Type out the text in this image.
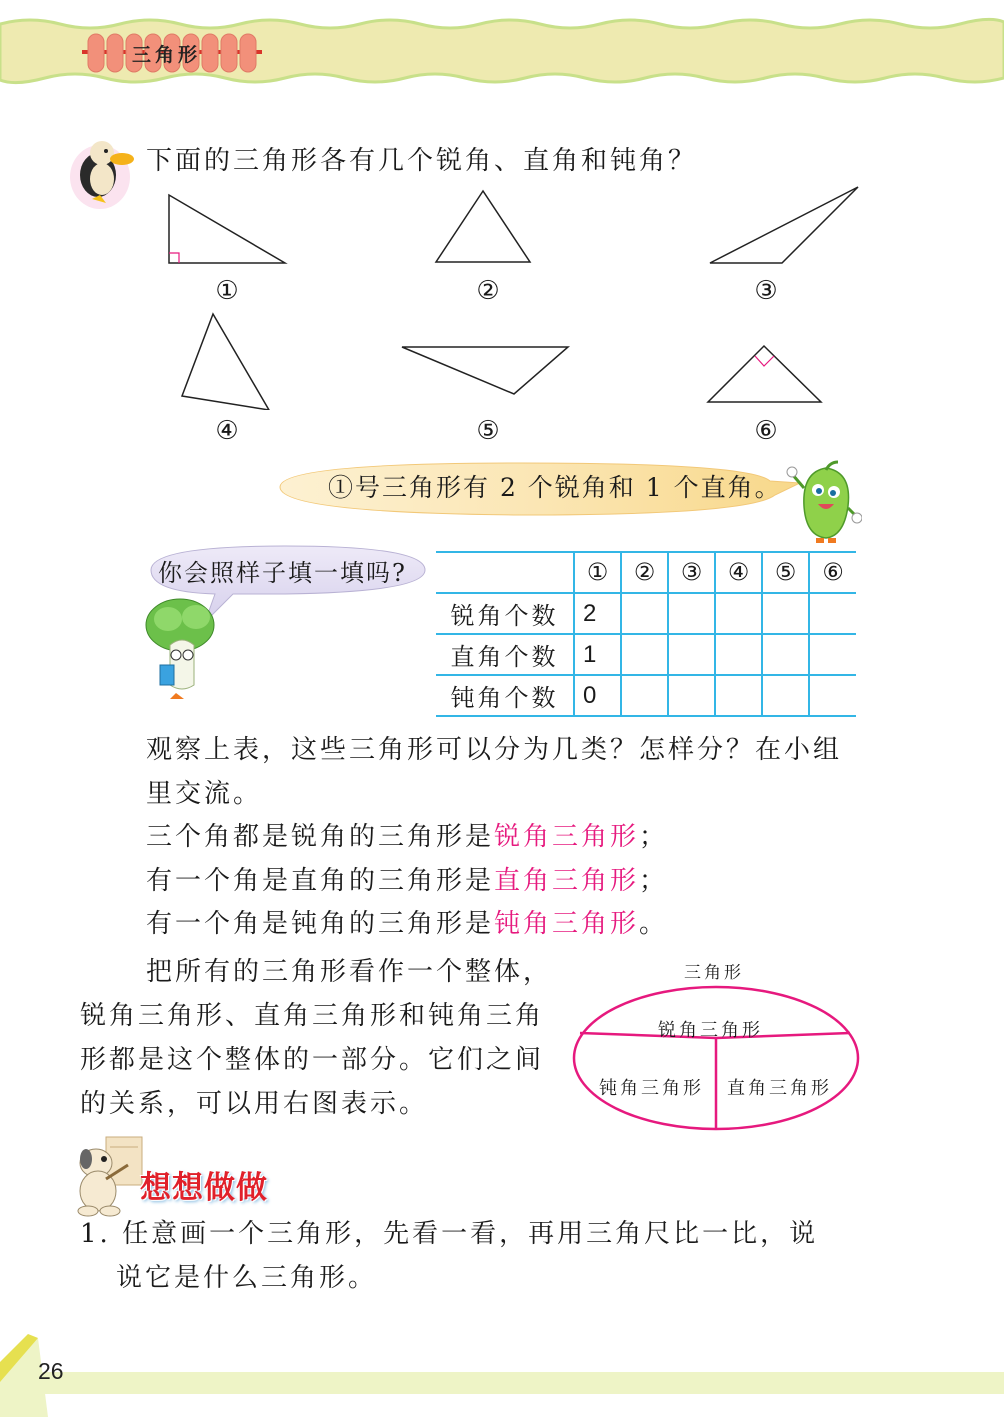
三角形
下面的三角形各有几个锐角、直角和钝角？
①	②	③
④	⑤	⑥
①号三角形有 2 个锐角和 1 个直角。
你会照样子填一填吗?
		①	②	③	④	⑤	⑥
锐角个数	2					
直角个数	1					
钝角个数	0					
观察上表，这些三角形可以分为几类？怎样分？在小组
里交流。
三个角都是锐角的三角形是锐角三角形；
有一个角是直角的三角形是直角三角形；
有一个角是钝角的三角形是钝角三角形。
把所有的三角形看作一个整体，
锐角三角形、直角三角形和钝角三角
形都是这个整体的一部分。它们之间
的关系，可以用右图表示。
三角形
锐角三角形
钝角三角形 直角三角形
想想做做
1. 任意画一个三角形，先看一看，再用三角尺比一比，说
说它是什么三角形。
26
